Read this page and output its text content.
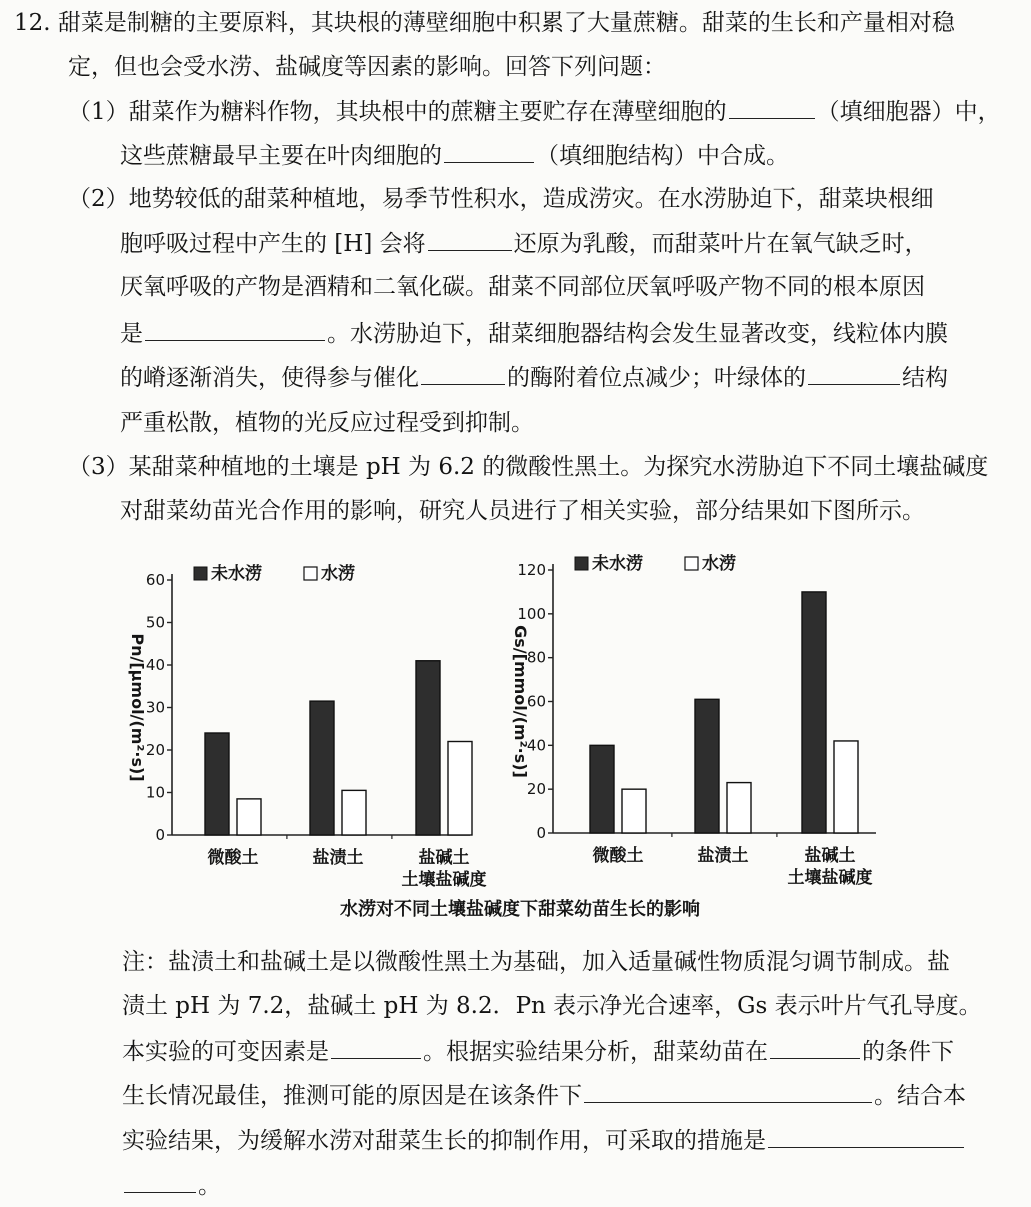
12. 甜菜是制糖的主要原料，其块根的薄壁细胞中积累了大量蔗糖。甜菜的生长和产量相对稳
定，但也会受水涝、盐碱度等因素的影响。回答下列问题：
（1）甜菜作为糖料作物，其块根中的蔗糖主要贮存在薄壁细胞的	（填细胞器）中，
这些蔗糖最早主要在叶肉细胞的	（填细胞结构）中合成。
（2）地势较低的甜菜种植地，易季节性积水，造成涝灾。在水涝胁迫下，甜菜块根细
胞呼吸过程中产生的 [H] 会将	还原为乳酸，而甜菜叶片在氧气缺乏时，
厌氧呼吸的产物是酒精和二氧化碳。甜菜不同部位厌氧呼吸产物不同的根本原因
是	。水涝胁迫下，甜菜细胞器结构会发生显著改变，线粒体内膜
的嵴逐渐消失，使得参与催化	的酶附着位点减少；叶绿体的	结构
严重松散，植物的光反应过程受到抑制。
（3）某甜菜种植地的土壤是 pH 为 6.2 的微酸性黑土。为探究水涝胁迫下不同土壤盐碱度
对甜菜幼苗光合作用的影响，研究人员进行了相关实验，部分结果如下图所示。
0
10
20
30
40
50
60
微酸土	盐渍土	盐碱土
土壤盐碱度
Pn/[μmol/(m²·s)]
未水涝	水涝
0
20
40
60
80
100
120
微酸土	盐渍土	盐碱土
土壤盐碱度
Gs/[mmol/(m²·s)]
未水涝	水涝
水涝对不同土壤盐碱度下甜菜幼苗生长的影响
注：盐渍土和盐碱土是以微酸性黑土为基础，加入适量碱性物质混匀调节制成。盐
渍土 pH 为 7.2，盐碱土 pH 为 8.2．Pn 表示净光合速率，Gs 表示叶片气孔导度。
本实验的可变因素是	。根据实验结果分析，甜菜幼苗在	的条件下
生长情况最佳，推测可能的原因是在该条件下	。结合本
实验结果，为缓解水涝对甜菜生长的抑制作用，可采取的措施是
。
